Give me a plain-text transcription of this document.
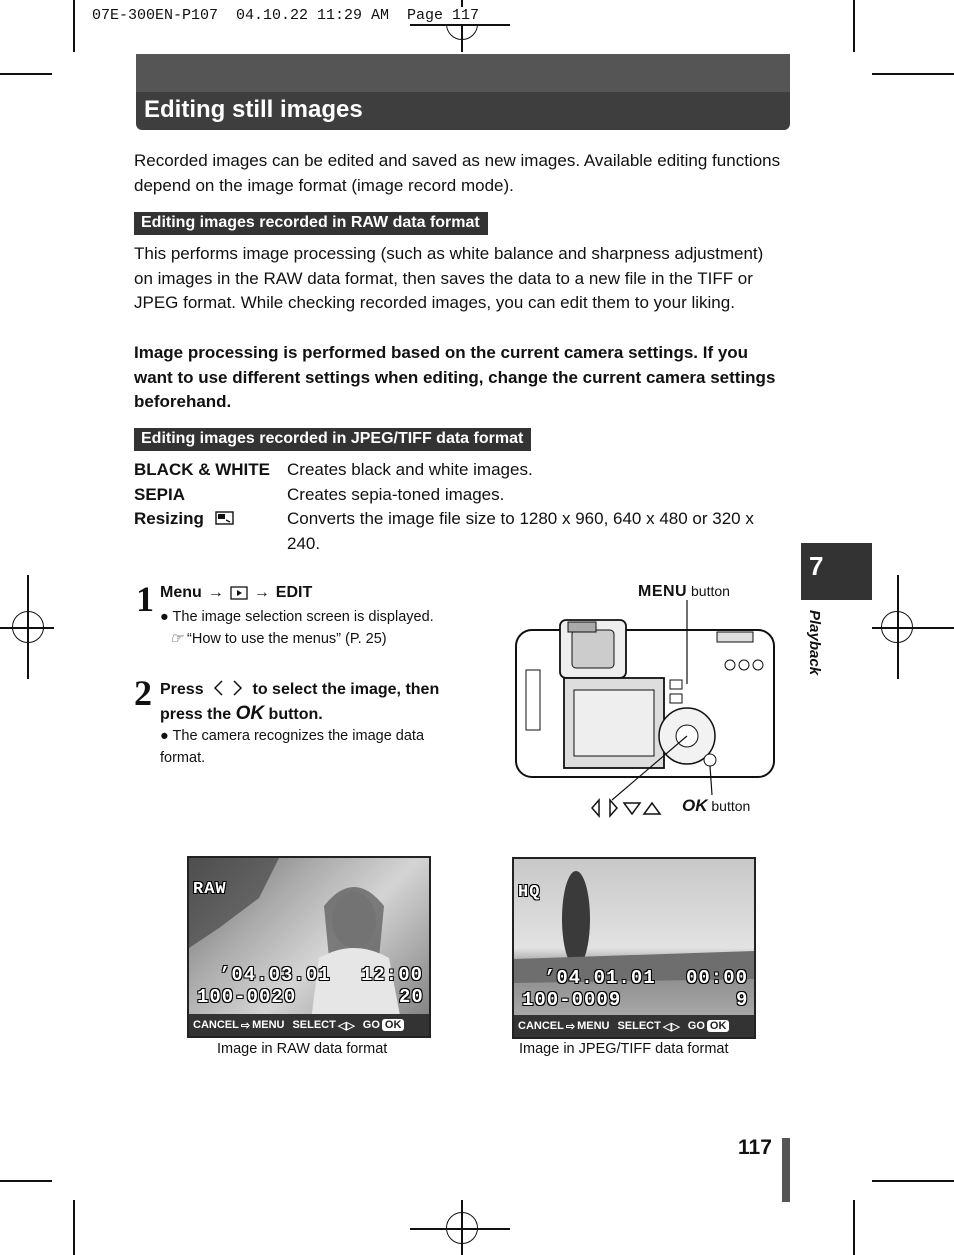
07E-300EN-P107  04.10.22 11:29 AM  Page 117
Editing still images
Recorded images can be edited and saved as new images. Available editing functions depend on the image format (image record mode).
Editing images recorded in RAW data format
This performs image processing (such as white balance and sharpness adjustment) on images in the RAW data format, then saves the data to a new file in the TIFF or JPEG format. While checking recorded images, you can edit them to your liking.
Image processing is performed based on the current camera settings. If you want to use different settings when editing, change the current camera settings beforehand.
Editing images recorded in JPEG/TIFF data format
BLACK & WHITE Creates black and white images.
SEPIA	Creates sepia-toned images.
Resizing	Converts the image file size to 1280 x 960, 640 x 480 or 320 x 240.
1 Menu → → EDIT
● The image selection screen is displayed.
☞ “How to use the menus” (P. 25)
2 Press	to select the image, then
press the OK button.
● The camera recognizes the image data format.
MENU button
OK button
RAW
’04.03.01 12:00
100-0020	20
CANCEL ⇨ MENU SELECT ◁▷ GO OK
Image in RAW data format
HQ
’04.01.01 00:00
100-0009	9
CANCEL ⇨ MENU SELECT ◁▷ GO OK
Image in JPEG/TIFF data format
7
Playback
117
